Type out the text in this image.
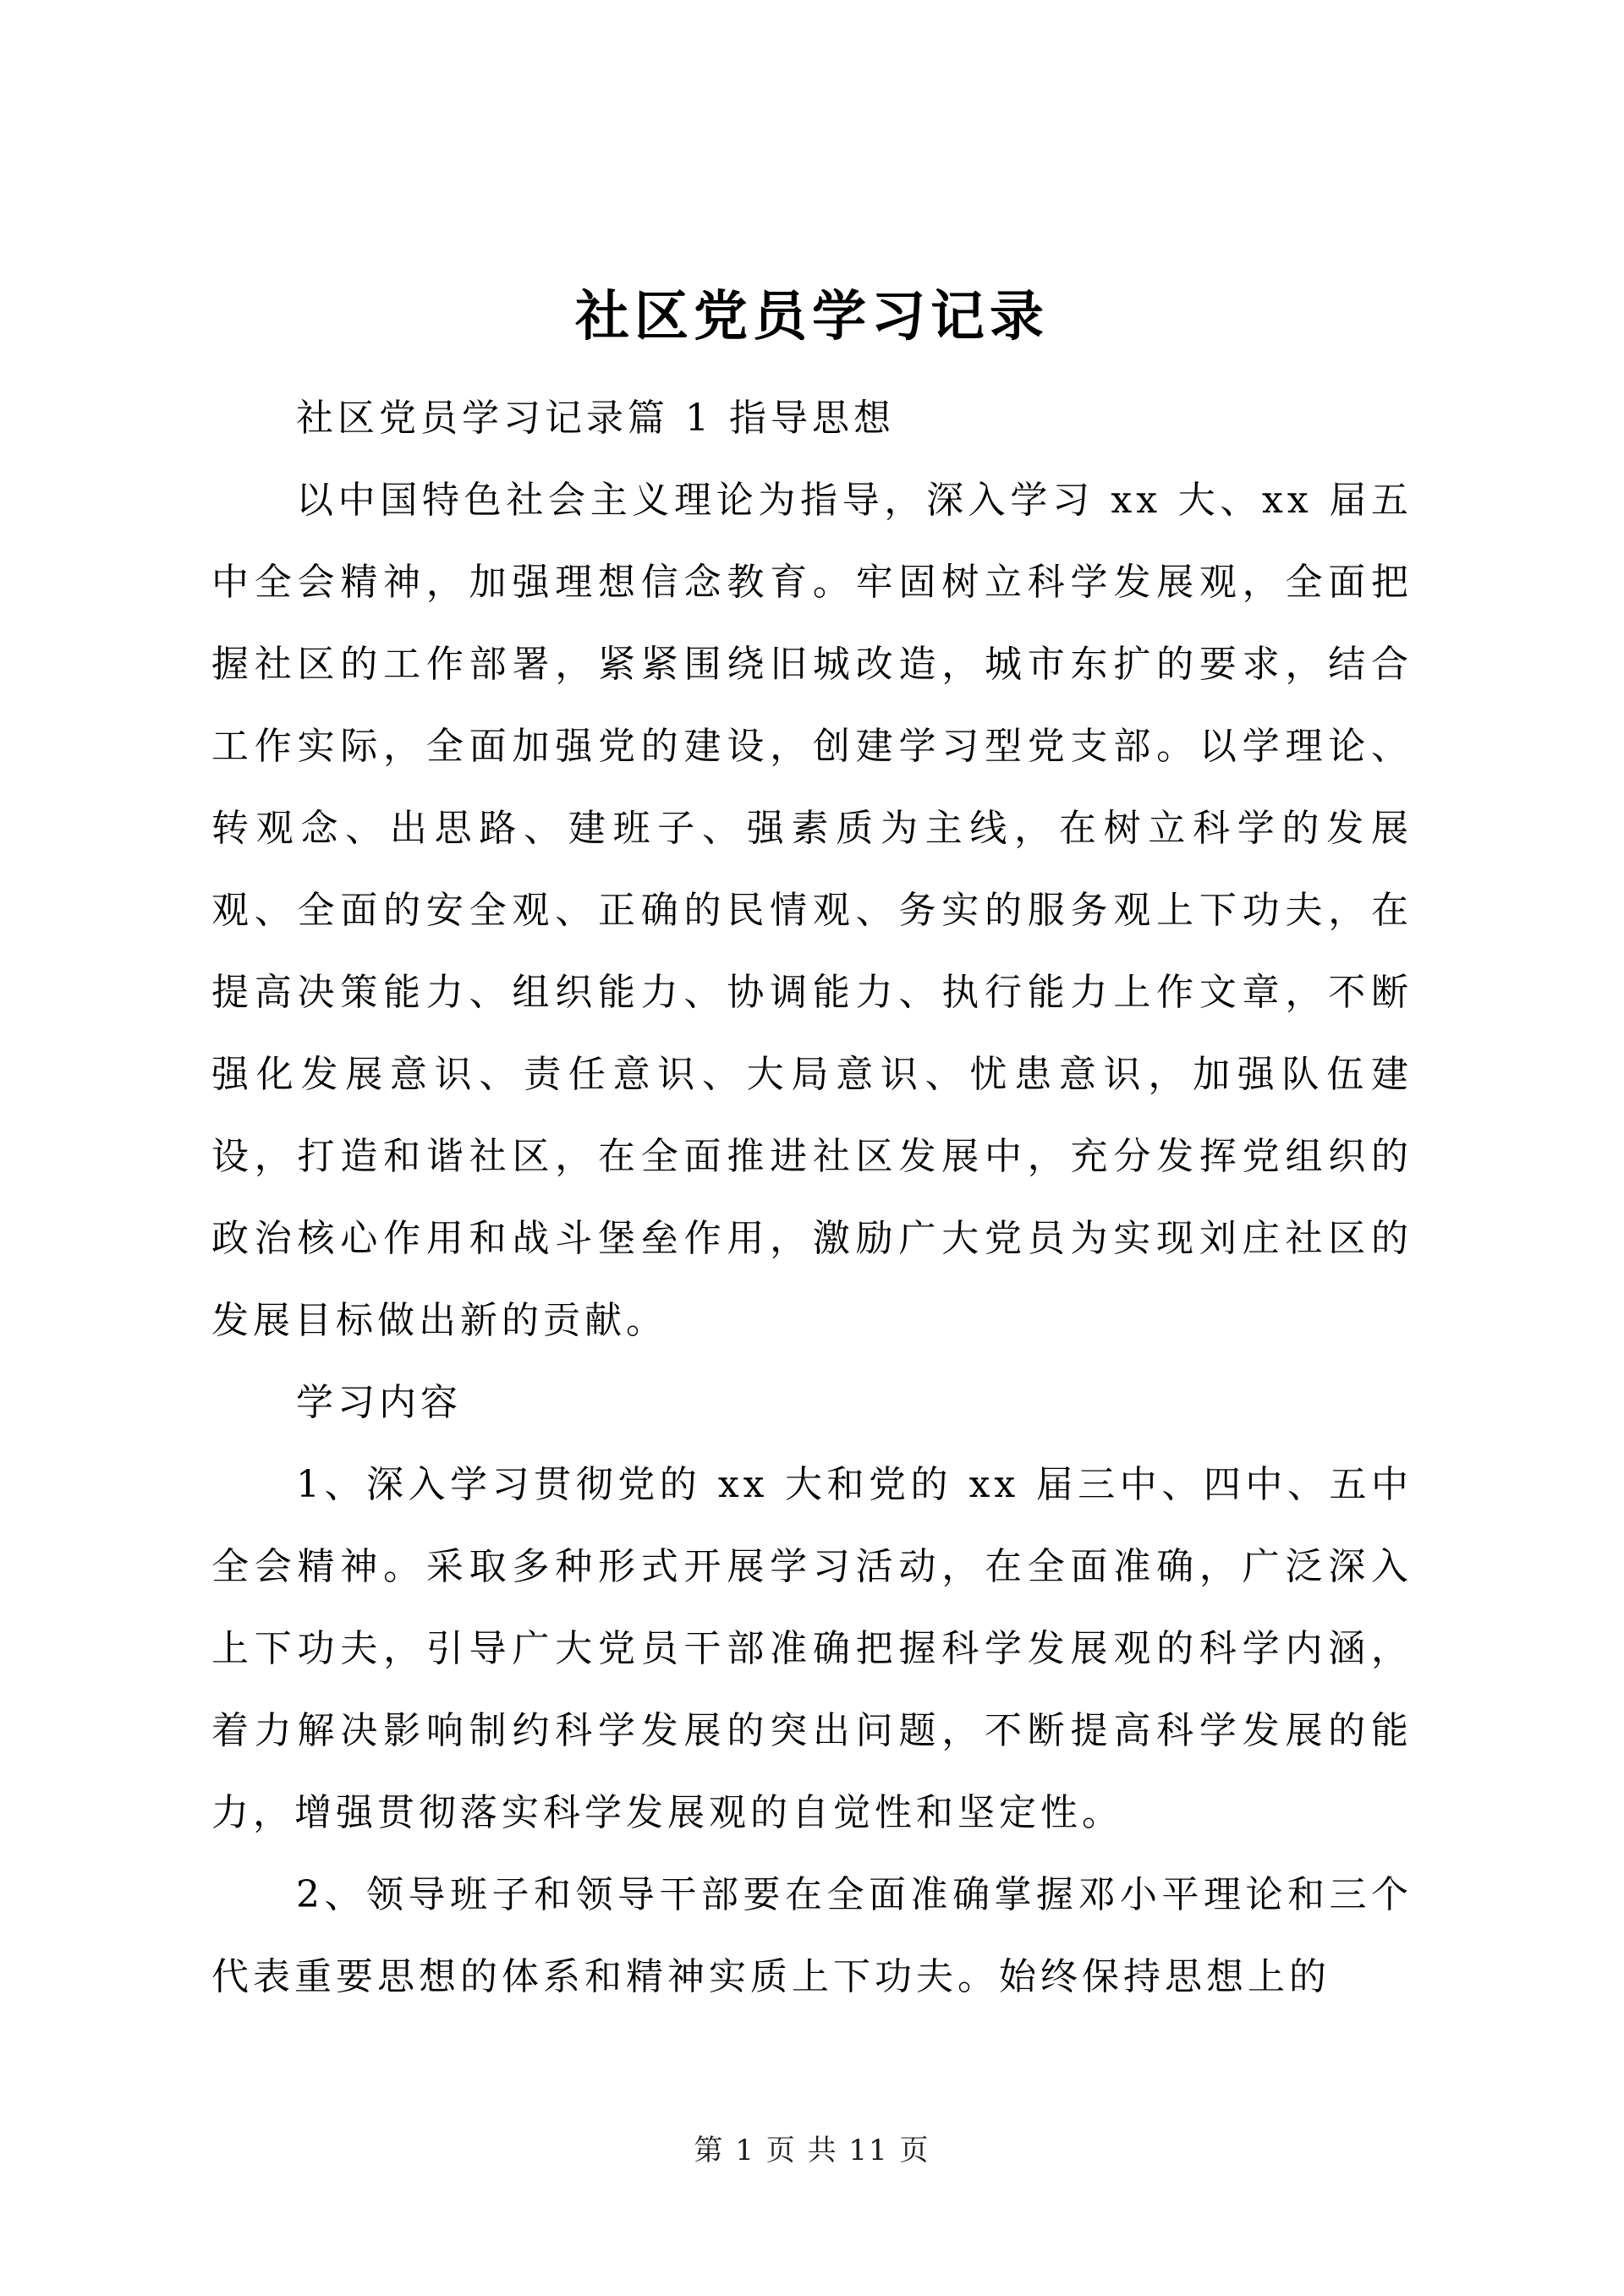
社区党员学习记录

社区党员学习记录篇 1 指导思想

以中国特色社会主义理论为指导，深入学习 xx 大、xx 届五中全会精神，加强理想信念教育。牢固树立科学发展观，全面把握社区的工作部署，紧紧围绕旧城改造，城市东扩的要求，结合工作实际，全面加强党的建设，创建学习型党支部。以学理论、转观念、出思路、建班子、强素质为主线，在树立科学的发展观、全面的安全观、正确的民情观、务实的服务观上下功夫，在提高决策能力、组织能力、协调能力、执行能力上作文章，不断强化发展意识、责任意识、大局意识、忧患意识，加强队伍建设，打造和谐社区，在全面推进社区发展中，充分发挥党组织的政治核心作用和战斗堡垒作用，激励广大党员为实现刘庄社区的发展目标做出新的贡献。

学习内容

1、深入学习贯彻党的 xx 大和党的 xx 届三中、四中、五中全会精神。采取多种形式开展学习活动，在全面准确，广泛深入上下功夫，引导广大党员干部准确把握科学发展观的科学内涵，着力解决影响制约科学发展的突出问题，不断提高科学发展的能力，增强贯彻落实科学发展观的自觉性和坚定性。

2、领导班子和领导干部要在全面准确掌握邓小平理论和三个代表重要思想的体系和精神实质上下功夫。始终保持思想上的

第 1 页 共 11 页
